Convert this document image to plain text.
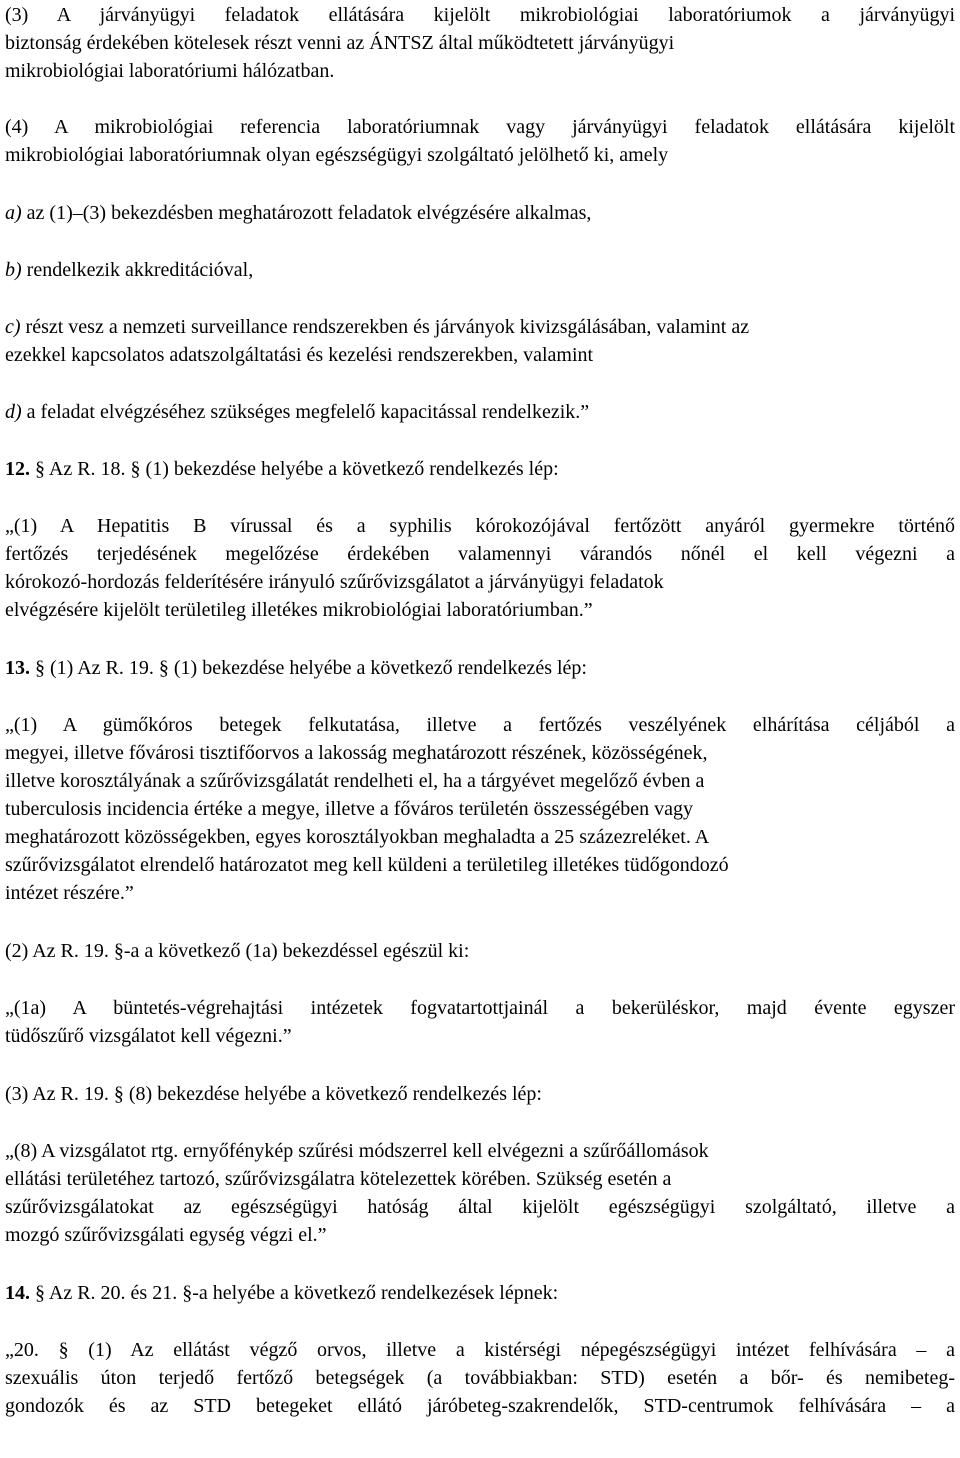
(3) A járványügyi feladatok ellátására kijelölt mikrobiológiai laboratóriumok a járványügyi
biztonság érdekében kötelesek részt venni az ÁNTSZ által működtetett járványügyi
mikrobiológiai laboratóriumi hálózatban.
(4) A mikrobiológiai referencia laboratóriumnak vagy járványügyi feladatok ellátására kijelölt
mikrobiológiai laboratóriumnak olyan egészségügyi szolgáltató jelölhető ki, amely
a) az (1)–(3) bekezdésben meghatározott feladatok elvégzésére alkalmas,
b) rendelkezik akkreditációval,
c) részt vesz a nemzeti surveillance rendszerekben és járványok kivizsgálásában, valamint az
ezekkel kapcsolatos adatszolgáltatási és kezelési rendszerekben, valamint
d) a feladat elvégzéséhez szükséges megfelelő kapacitással rendelkezik.”
12. § Az R. 18. § (1) bekezdése helyébe a következő rendelkezés lép:
„(1) A Hepatitis B vírussal és a syphilis kórokozójával fertőzött anyáról gyermekre történő
fertőzés terjedésének megelőzése érdekében valamennyi várandós nőnél el kell végezni a
kórokozó-hordozás felderítésére irányuló szűrővizsgálatot a járványügyi feladatok
elvégzésére kijelölt területileg illetékes mikrobiológiai laboratóriumban.”
13. § (1) Az R. 19. § (1) bekezdése helyébe a következő rendelkezés lép:
„(1) A gümőkóros betegek felkutatása, illetve a fertőzés veszélyének elhárítása céljából a
megyei, illetve fővárosi tisztifőorvos a lakosság meghatározott részének, közösségének,
illetve korosztályának a szűrővizsgálatát rendelheti el, ha a tárgyévet megelőző évben a
tuberculosis incidencia értéke a megye, illetve a főváros területén összességében vagy
meghatározott közösségekben, egyes korosztályokban meghaladta a 25 százezreléket. A
szűrővizsgálatot elrendelő határozatot meg kell küldeni a területileg illetékes tüdőgondozó
intézet részére.”
(2) Az R. 19. §-a a következő (1a) bekezdéssel egészül ki:
„(1a) A büntetés-végrehajtási intézetek fogvatartottjainál a bekerüléskor, majd évente egyszer
tüdőszűrő vizsgálatot kell végezni.”
(3) Az R. 19. § (8) bekezdése helyébe a következő rendelkezés lép:
„(8) A vizsgálatot rtg. ernyőfénykép szűrési módszerrel kell elvégezni a szűrőállomások
ellátási területéhez tartozó, szűrővizsgálatra kötelezettek körében. Szükség esetén a
szűrővizsgálatokat az egészségügyi hatóság által kijelölt egészségügyi szolgáltató, illetve a
mozgó szűrővizsgálati egység végzi el.”
14. § Az R. 20. és 21. §-a helyébe a következő rendelkezések lépnek:
„20. § (1) Az ellátást végző orvos, illetve a kistérségi népegészségügyi intézet felhívására – a
szexuális úton terjedő fertőző betegségek (a továbbiakban: STD) esetén a bőr- és nemibeteg-
gondozók és az STD betegeket ellátó járóbeteg-szakrendelők, STD-centrumok felhívására – a
